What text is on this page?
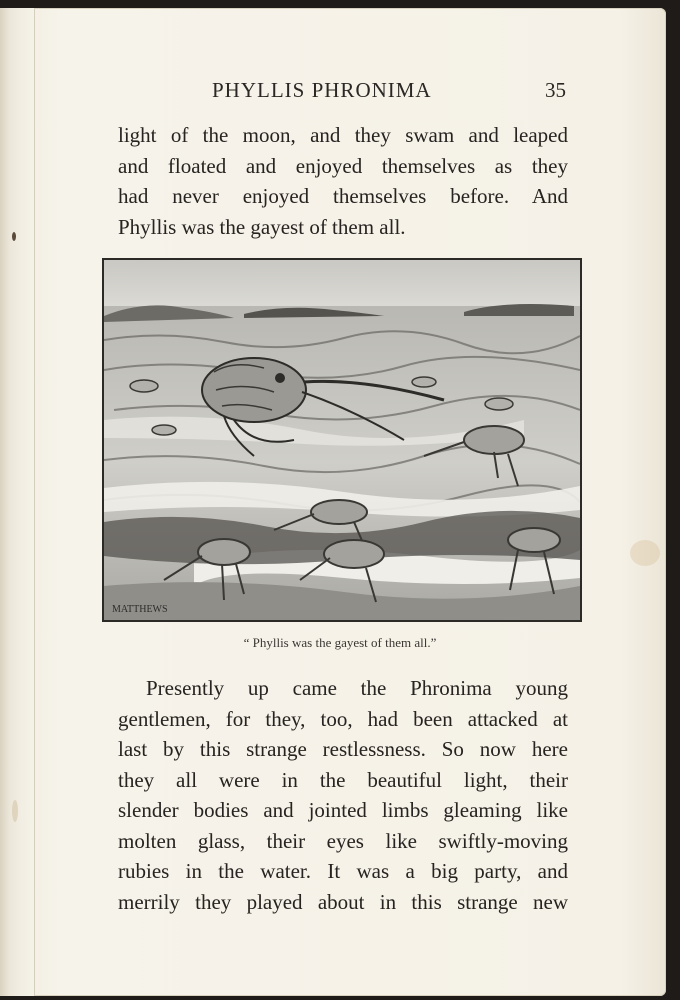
PHYLLIS PHRONIMA	35

light of the moon, and they swam and leaped
and floated and enjoyed themselves as they
had never enjoyed themselves before. And
Phyllis was the gayest of them all.

MATTHEWS
“ Phyllis was the gayest of them all.”

Presently up came the Phronima young
gentlemen, for they, too, had been attacked at
last by this strange restlessness. So now here
they all were in the beautiful light, their
slender bodies and jointed limbs gleaming like
molten glass, their eyes like swiftly-moving
rubies in the water. It was a big party, and
merrily they played about in this strange new
